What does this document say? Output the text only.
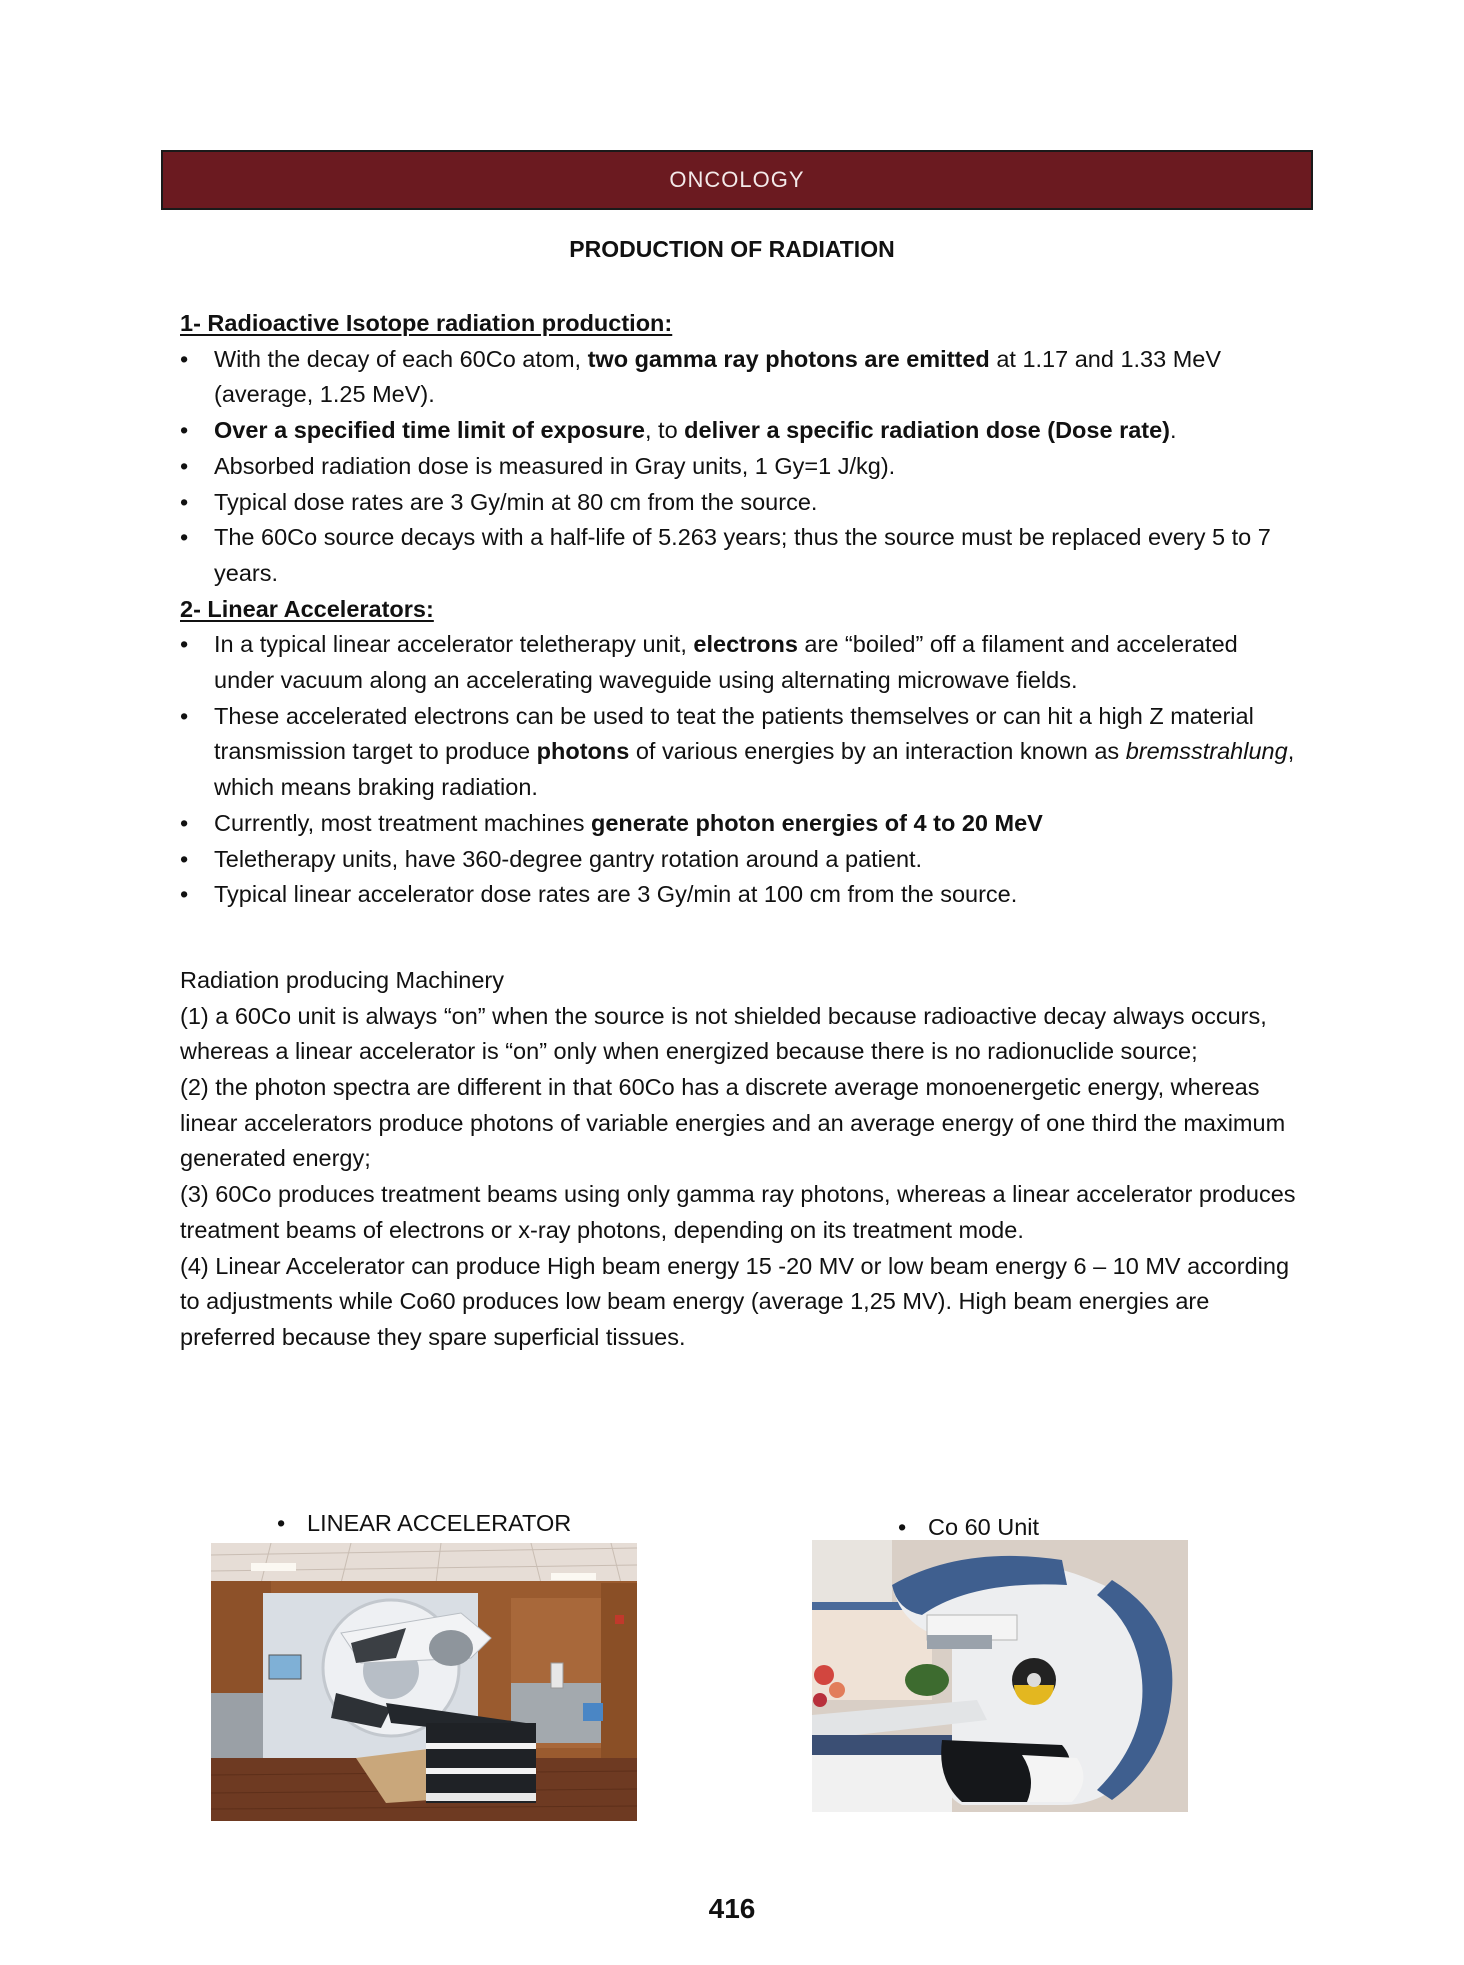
ONCOLOGY
PRODUCTION OF RADIATION

1- Radioactive Isotope radiation production:

•	With the decay of each 60Co atom, two gamma ray photons are emitted at 1.17 and 1.33 MeV (average, 1.25 MeV).
•	Over a specified time limit of exposure, to deliver a specific radiation dose (Dose rate).
•	Absorbed radiation dose is measured in Gray units, 1 Gy=1 J/kg).
•	Typical dose rates are 3 Gy/min at 80 cm from the source.
•	The 60Co source decays with a half-life of 5.263 years; thus the source must be replaced every 5 to 7 years.

2- Linear Accelerators:

•	In a typical linear accelerator teletherapy unit, electrons are “boiled” off a filament and accelerated under vacuum along an accelerating waveguide using alternating microwave fields.
•	These accelerated electrons can be used to teat the patients themselves or can hit a high Z material transmission target to produce photons of various energies by an interaction known as bremsstrahlung, which means braking radiation.
•	Currently, most treatment machines generate photon energies of 4 to 20 MeV
•	Teletherapy units, have 360-degree gantry rotation around a patient.
•	Typical linear accelerator dose rates are 3 Gy/min at 100 cm from the source.

Radiation producing Machinery

(1) a 60Co unit is always “on” when the source is not shielded because radioactive decay always occurs, whereas a linear accelerator is “on” only when energized because there is no radionuclide source;

(2) the photon spectra are different in that 60Co has a discrete average monoenergetic energy, whereas linear accelerators produce photons of variable energies and an average energy of one third the maximum generated energy;

(3) 60Co produces treatment beams using only gamma ray photons, whereas a linear accelerator produces treatment beams of electrons or x-ray photons, depending on its treatment mode.

(4) Linear Accelerator can produce High beam energy 15 -20 MV or low beam energy 6 – 10 MV according to adjustments while Co60 produces low beam energy (average 1,25 MV). High beam energies are preferred because they spare superficial tissues.

• LINEAR ACCELERATOR	• Co 60 Unit
416
